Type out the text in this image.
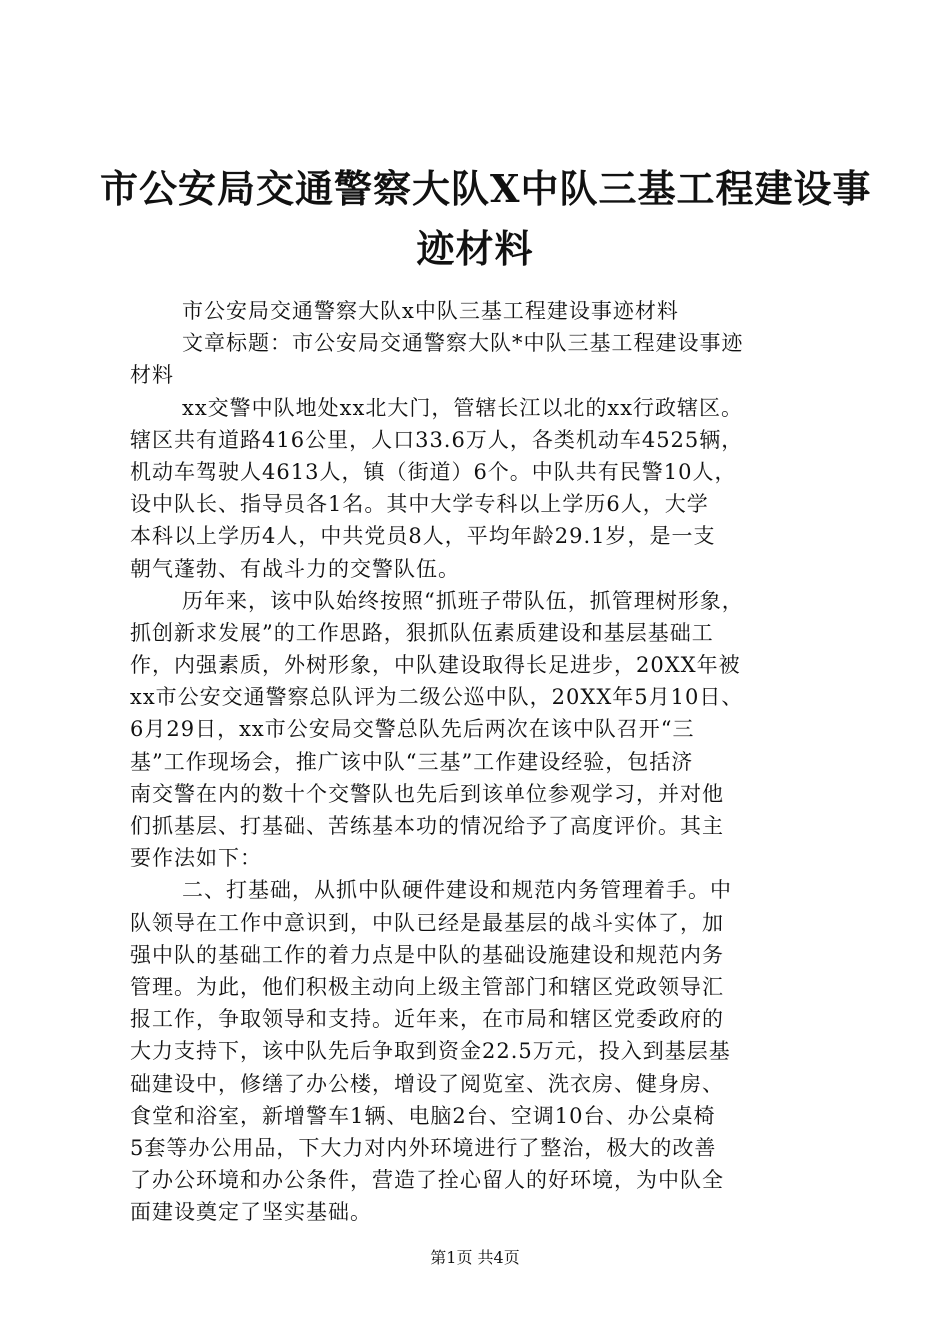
市公安局交通警察大队X中队三基工程建设事
迹材料
市公安局交通警察大队x中队三基工程建设事迹材料
文章标题：市公安局交通警察大队*中队三基工程建设事迹
材料
xx交警中队地处xx北大门，管辖长江以北的xx行政辖区。
辖区共有道路416公里，人口33.6万人，各类机动车4525辆，
机动车驾驶人4613人，镇（街道）6个。中队共有民警10人，
设中队长、指导员各1名。其中大学专科以上学历6人，大学
本科以上学历4人，中共党员8人，平均年龄29.1岁，是一支
朝气蓬勃、有战斗力的交警队伍。
历年来，该中队始终按照“抓班子带队伍，抓管理树形象，
抓创新求发展”的工作思路，狠抓队伍素质建设和基层基础工
作，内强素质，外树形象，中队建设取得长足进步，20XX年被
xx市公安交通警察总队评为二级公巡中队，20XX年5月10日、
6月29日，xx市公安局交警总队先后两次在该中队召开“三
基”工作现场会，推广该中队“三基”工作建设经验，包括济
南交警在内的数十个交警队也先后到该单位参观学习，并对他
们抓基层、打基础、苦练基本功的情况给予了高度评价。其主
要作法如下：
二、打基础，从抓中队硬件建设和规范内务管理着手。中
队领导在工作中意识到，中队已经是最基层的战斗实体了，加
强中队的基础工作的着力点是中队的基础设施建设和规范内务
管理。为此，他们积极主动向上级主管部门和辖区党政领导汇
报工作，争取领导和支持。近年来，在市局和辖区党委政府的
大力支持下，该中队先后争取到资金22.5万元，投入到基层基
础建设中，修缮了办公楼，增设了阅览室、洗衣房、健身房、
食堂和浴室，新增警车1辆、电脑2台、空调10台、办公桌椅
5套等办公用品，下大力对内外环境进行了整治，极大的改善
了办公环境和办公条件，营造了拴心留人的好环境，为中队全
面建设奠定了坚实基础。
第1页 共4页
